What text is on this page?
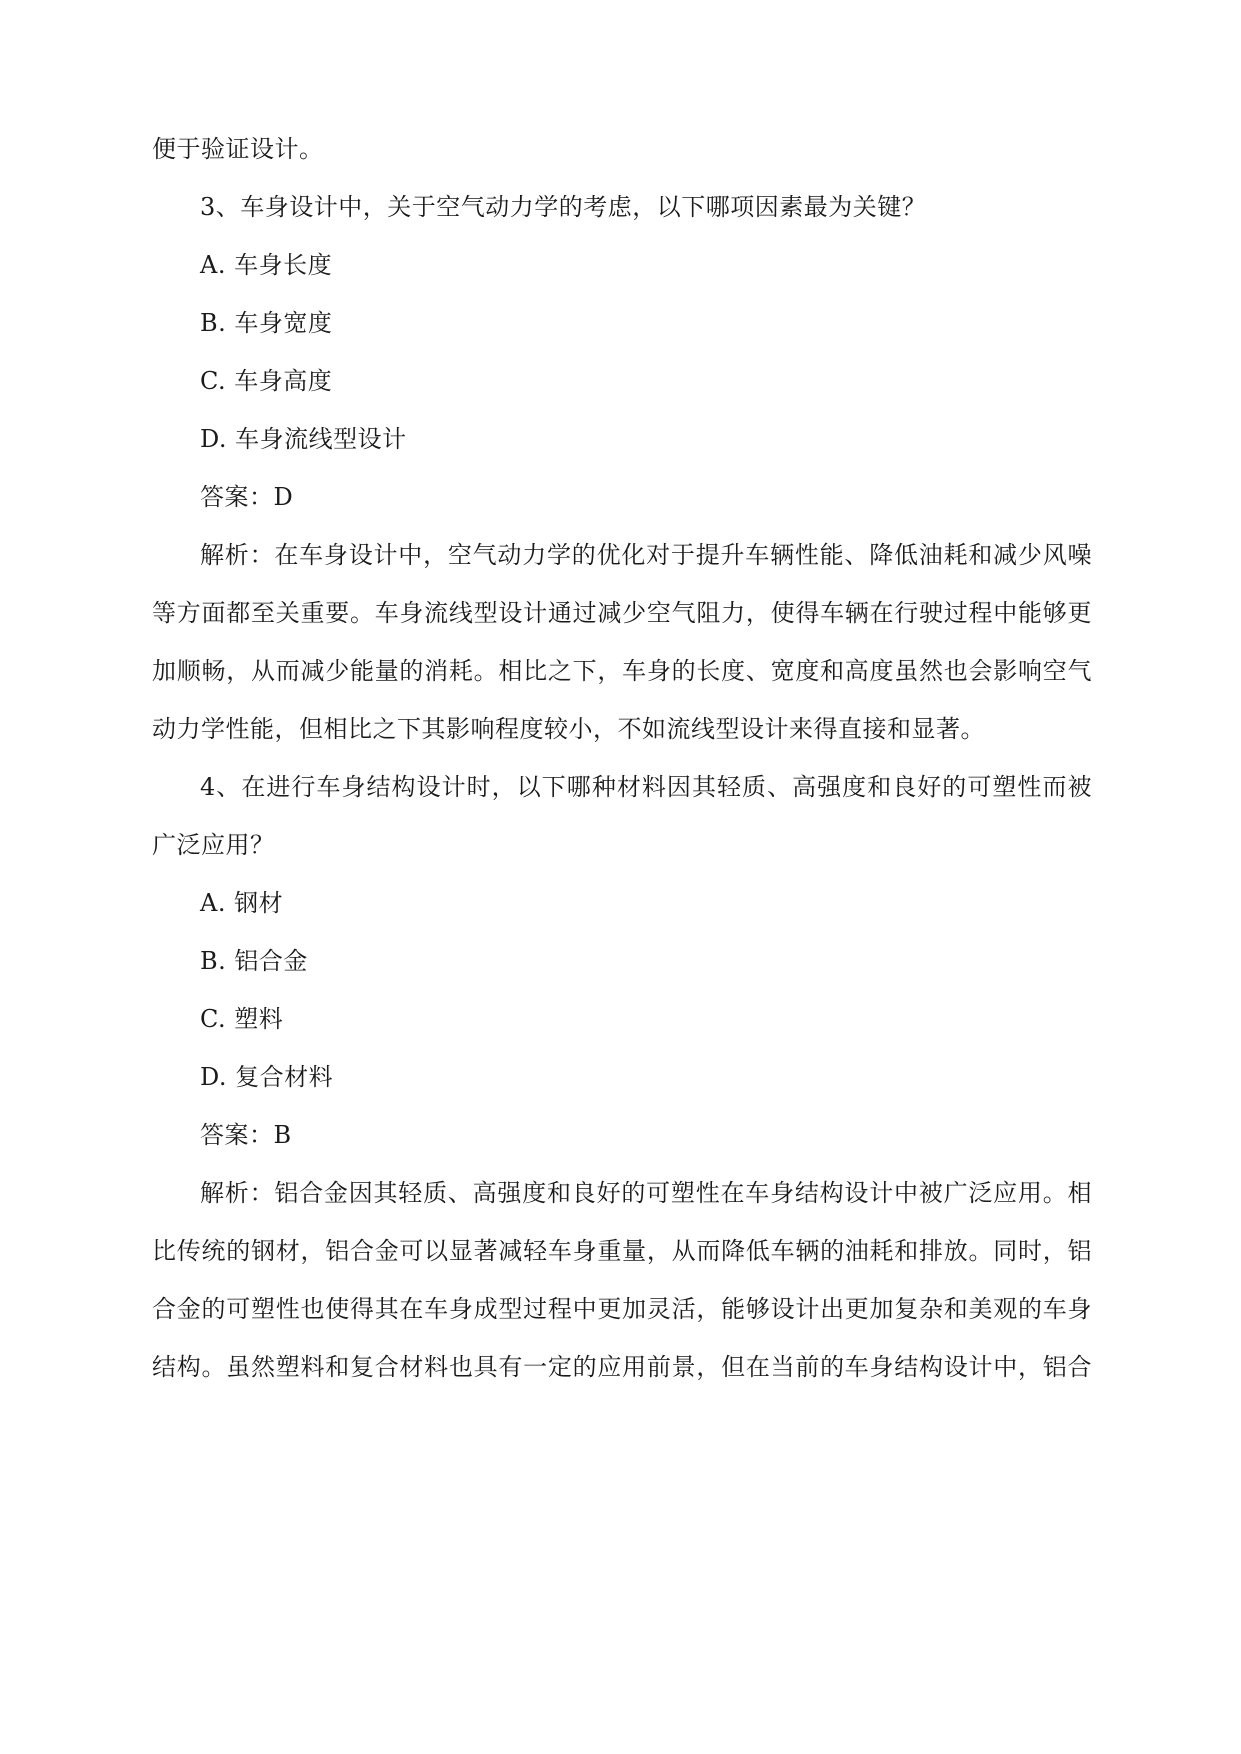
便于验证设计。
3、车身设计中，关于空气动力学的考虑，以下哪项因素最为关键？
A. 车身长度
B. 车身宽度
C. 车身高度
D. 车身流线型设计
答案：D
解析：在车身设计中，空气动力学的优化对于提升车辆性能、降低油耗和减少风噪
等方面都至关重要。车身流线型设计通过减少空气阻力，使得车辆在行驶过程中能够更
加顺畅，从而减少能量的消耗。相比之下，车身的长度、宽度和高度虽然也会影响空气
动力学性能，但相比之下其影响程度较小，不如流线型设计来得直接和显著。
4、在进行车身结构设计时，以下哪种材料因其轻质、高强度和良好的可塑性而被
广泛应用？
A. 钢材
B. 铝合金
C. 塑料
D. 复合材料
答案：B
解析：铝合金因其轻质、高强度和良好的可塑性在车身结构设计中被广泛应用。相
比传统的钢材，铝合金可以显著减轻车身重量，从而降低车辆的油耗和排放。同时，铝
合金的可塑性也使得其在车身成型过程中更加灵活，能够设计出更加复杂和美观的车身
结构。虽然塑料和复合材料也具有一定的应用前景，但在当前的车身结构设计中，铝合
